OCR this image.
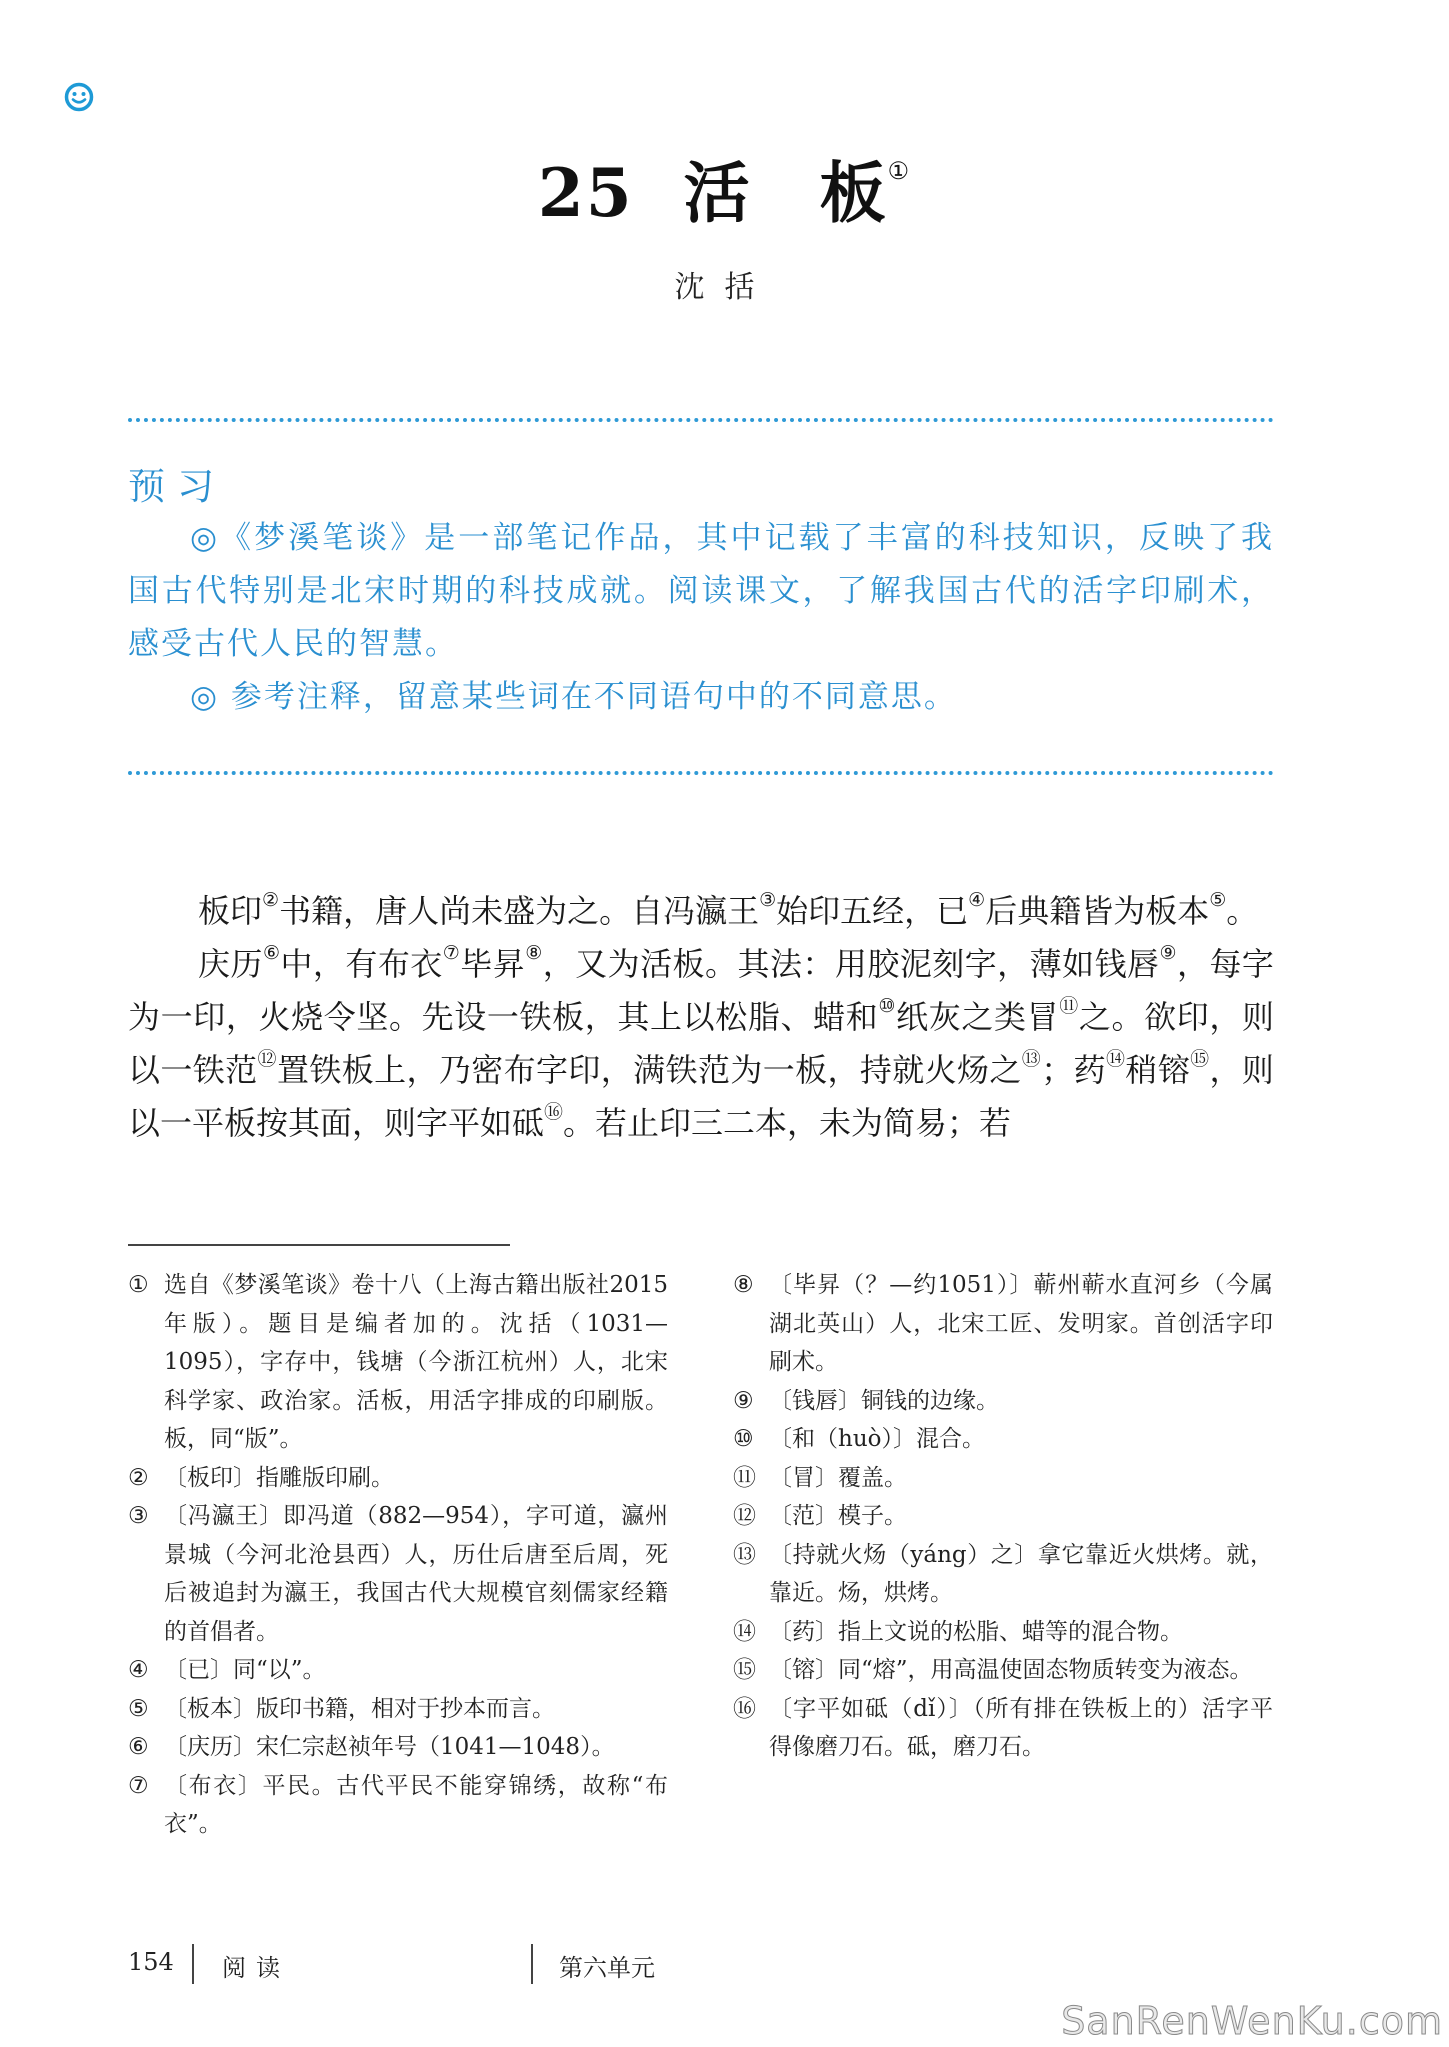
25 活　板①
沈括
预习

◎《梦溪笔谈》是一部笔记作品，其中记载了丰富的科技知识，反映了我国古代特别是北宋时期的科技成就。阅读课文，了解我国古代的活字印刷术，感受古代人民的智慧。

◎ 参考注释，留意某些词在不同语句中的不同意思。

板印②书籍，唐人尚未盛为之。自冯瀛王③始印五经，已④后典籍皆为板本⑤。

庆历⑥中，有布衣⑦毕昇⑧，又为活板。其法：用胶泥刻字，薄如钱唇⑨，每字为一印，火烧令坚。先设一铁板，其上以松脂、蜡和⑩纸灰之类冒⑪之。欲印，则以一铁范⑫置铁板上，乃密布字印，满铁范为一板，持就火炀之⑬；药⑭稍镕⑮，则以一平板按其面，则字平如砥⑯。若止印三二本，未为简易；若

① 选自《梦溪笔谈》卷十八（上海古籍出版社2015年版）。题目是编者加的。沈括（1031—1095），字存中，钱塘（今浙江杭州）人，北宋科学家、政治家。活板，用活字排成的印刷版。板，同“版”。
② 〔板印〕指雕版印刷。
③ 〔冯瀛王〕即冯道（882—954），字可道，瀛州景城（今河北沧县西）人，历仕后唐至后周，死后被追封为瀛王，我国古代大规模官刻儒家经籍的首倡者。
④ 〔已〕同“以”。
⑤ 〔板本〕版印书籍，相对于抄本而言。
⑥ 〔庆历〕宋仁宗赵祯年号（1041—1048）。
⑦ 〔布衣〕平民。古代平民不能穿锦绣，故称“布衣”。
⑧ 〔毕昇（？—约1051）〕蕲州蕲水直河乡（今属湖北英山）人，北宋工匠、发明家。首创活字印刷术。
⑨ 〔钱唇〕铜钱的边缘。
⑩ 〔和（huò）〕混合。
⑪ 〔冒〕覆盖。
⑫ 〔范〕模子。
⑬ 〔持就火炀（yáng）之〕拿它靠近火烘烤。就，靠近。炀，烘烤。
⑭ 〔药〕指上文说的松脂、蜡等的混合物。
⑮ 〔镕〕同“熔”，用高温使固态物质转变为液态。
⑯ 〔字平如砥（dǐ）〕（所有排在铁板上的）活字平得像磨刀石。砥，磨刀石。
154 阅读	第六单元
SanRenWenKu.com
